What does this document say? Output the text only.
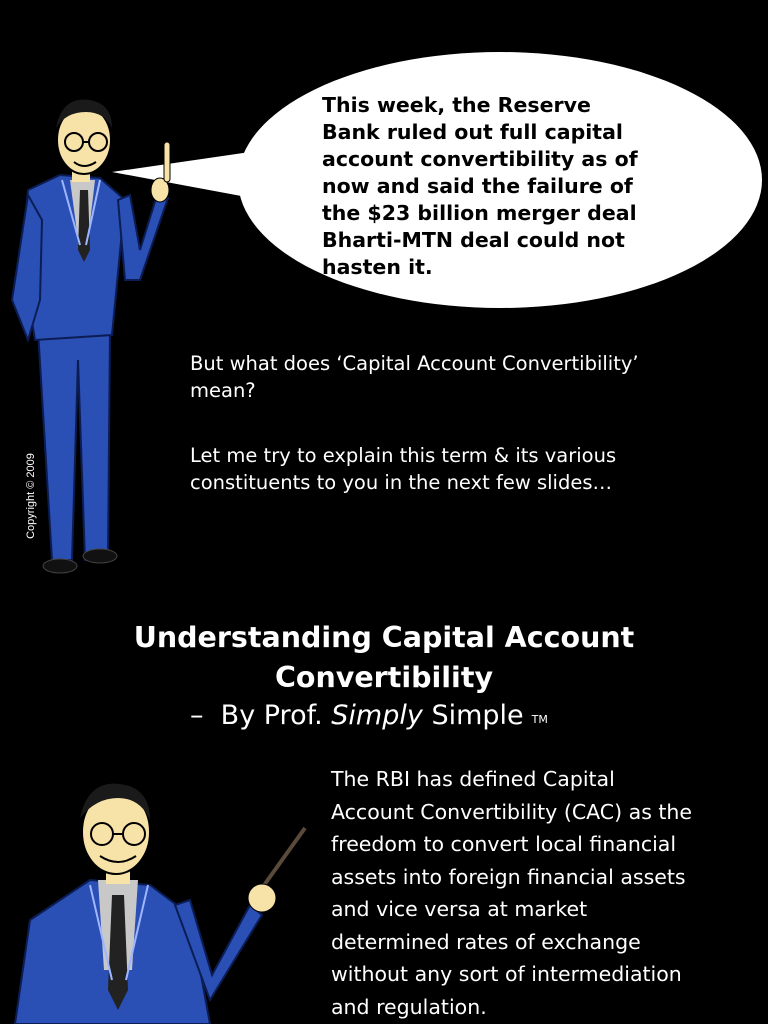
This week, the Reserve
Bank ruled out full capital
account convertibility as of
now and said the failure of
the $23 billion merger deal
Bharti-MTN deal could not
hasten it.
But what does ‘Capital Account Convertibility’
mean?
Let me try to explain this term & its various
constituents to you in the next few slides…
Copyright © 2009
Understanding Capital Account Convertibility
–  By Prof. Simply Simple ™
The RBI has defined Capital
Account Convertibility (CAC) as the
freedom to convert local financial
assets into foreign financial assets
and vice versa at market
determined rates of exchange
without any sort of intermediation
and regulation.
